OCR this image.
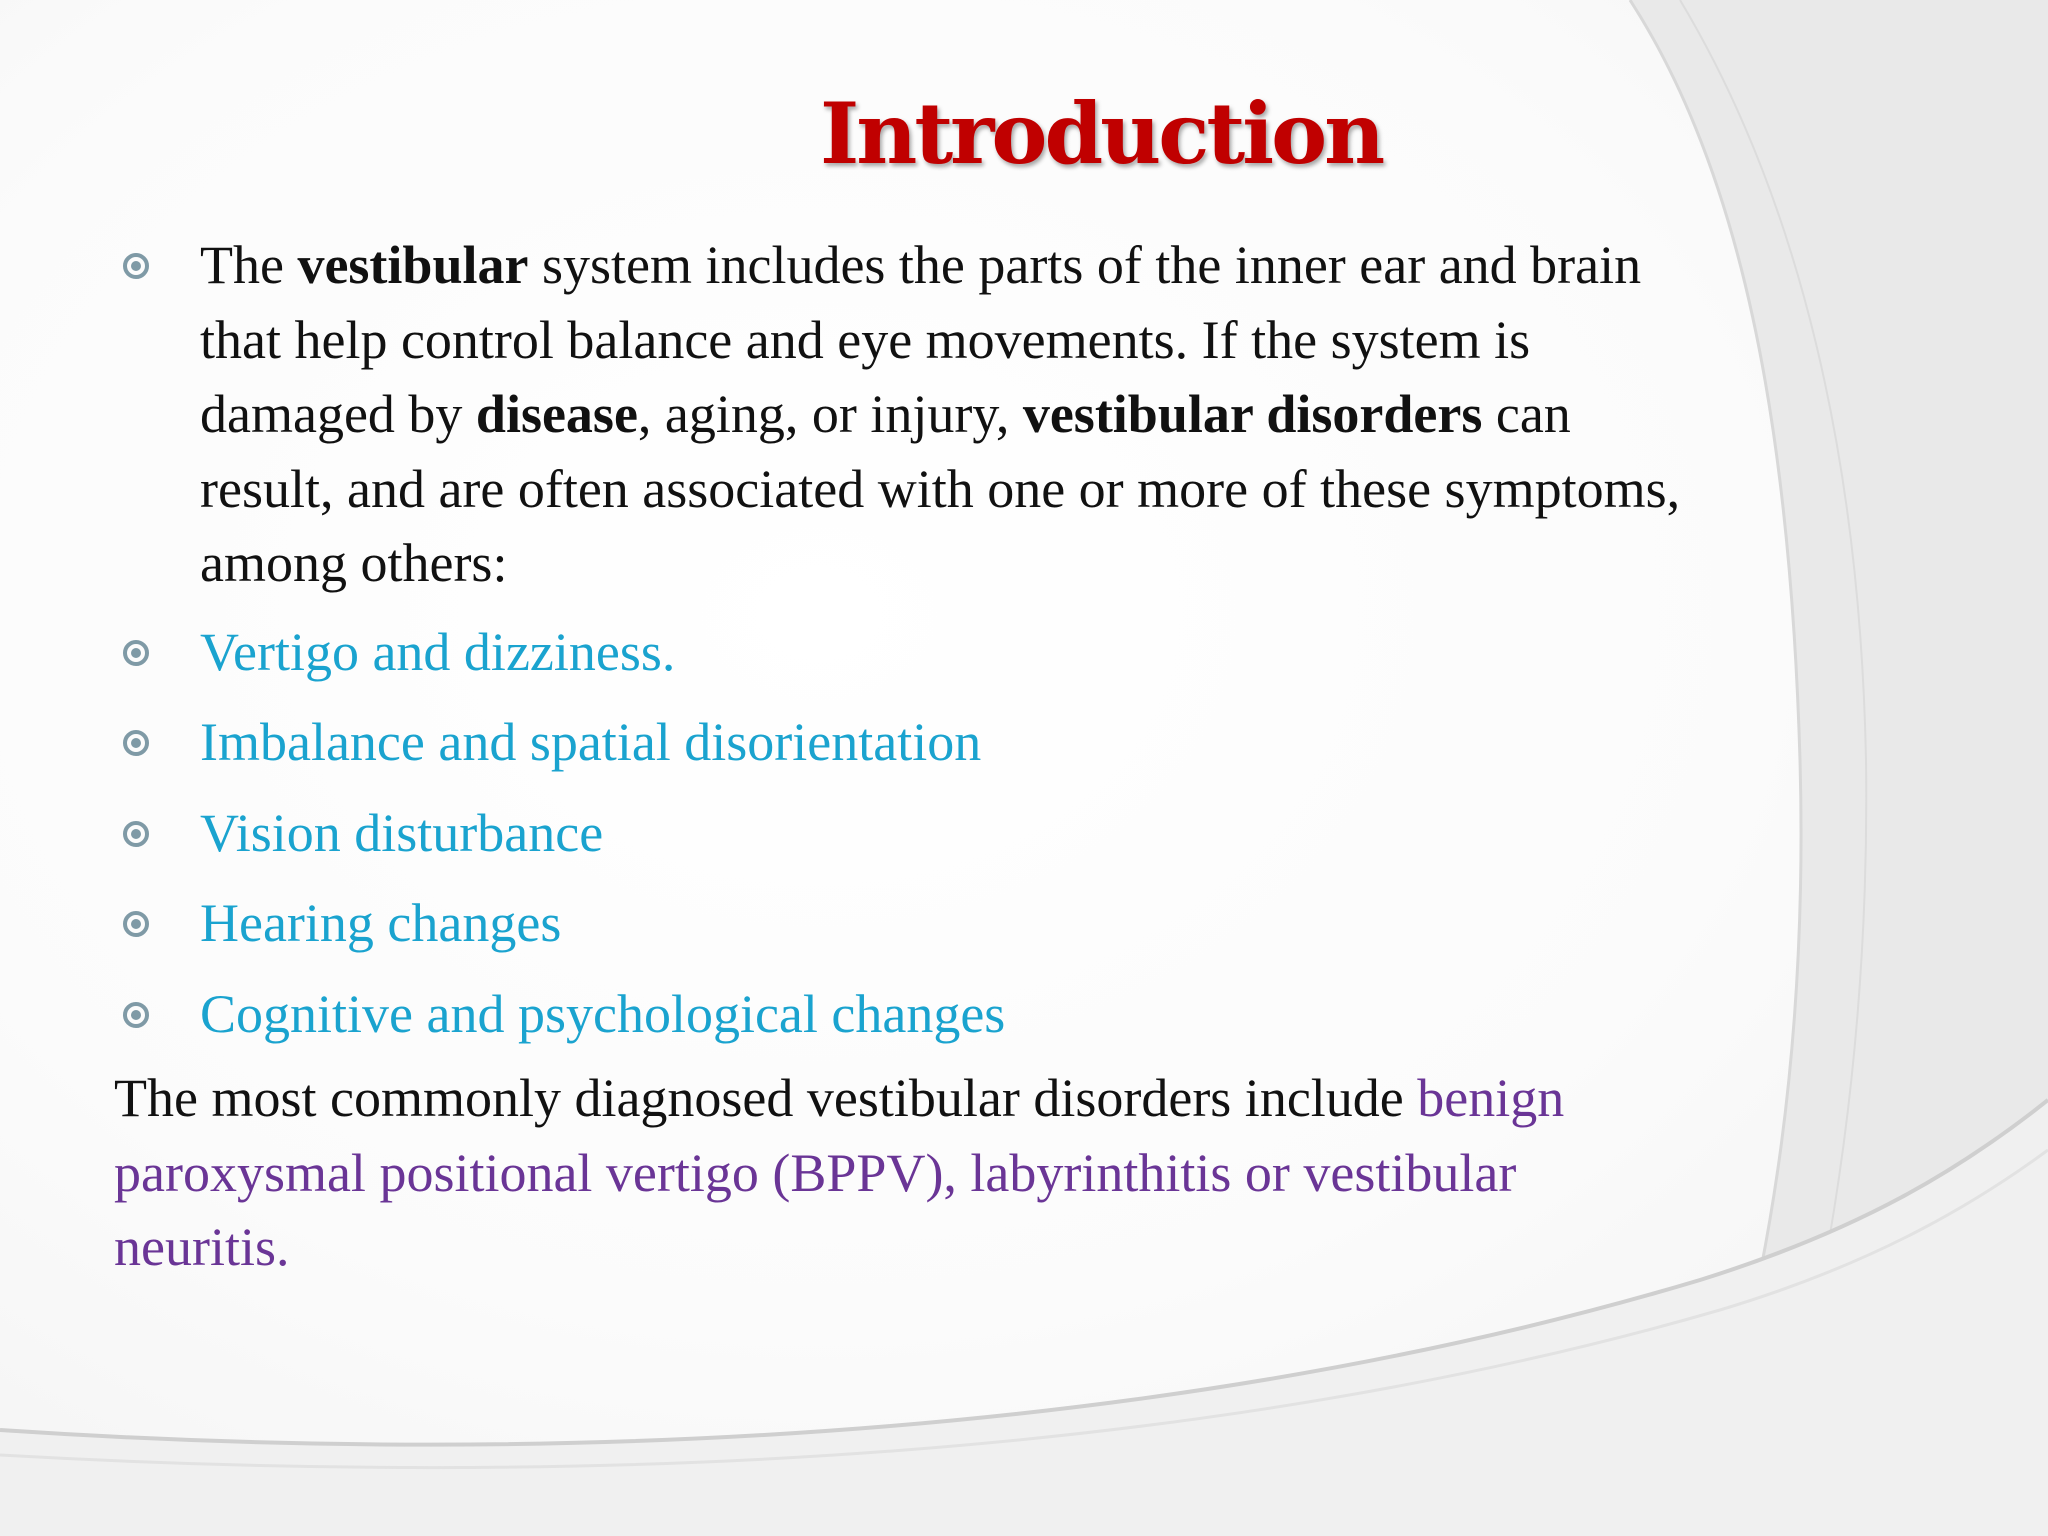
Introduction
The vestibular system includes the parts of the inner ear and brain that help control balance and eye movements. If the system is damaged by disease, aging, or injury, vestibular disorders can result, and are often associated with one or more of these symptoms, among others:
Vertigo and dizziness.
Imbalance and spatial disorientation
Vision disturbance
Hearing changes
Cognitive and psychological changes

The most commonly diagnosed vestibular disorders include benign paroxysmal positional vertigo (BPPV), labyrinthitis or vestibular neuritis.
